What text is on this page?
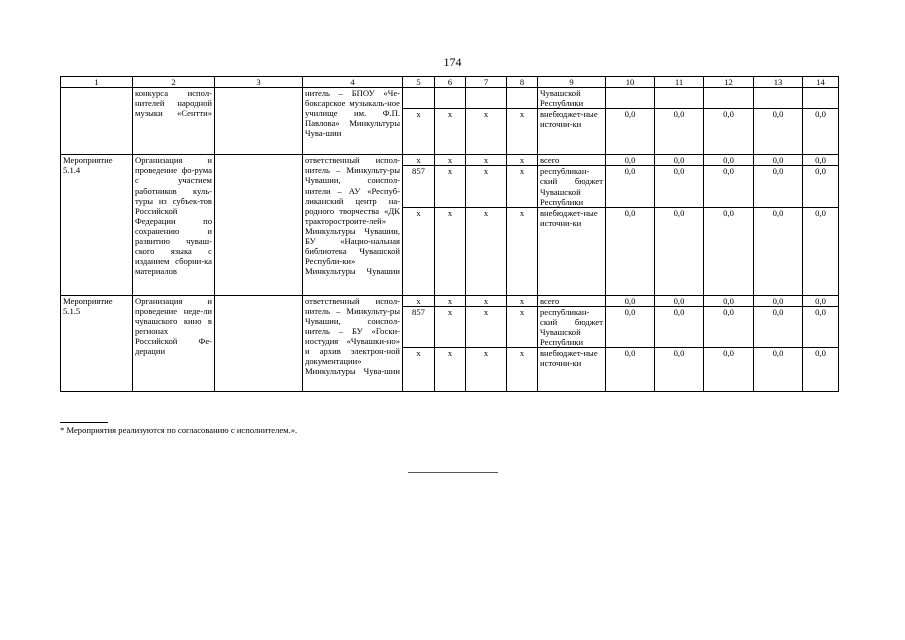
174
1	2	3	4	5	6	7	8	9	10	11	12	13	14
	конкурса испол-нителей народной музыки «Сентти»		нитель – БПОУ «Че-боксарское музыкаль-ное училище им. Ф.П. Павлова» Минкультуры Чува-шии					Чувашской Республики					
				x	x	x	x	внебюджет-ные источни-ки	0,0	0,0	0,0	0,0	0,0
Мероприятие 5.1.4	Организация и проведение фо-рума с участием работников куль-туры из субъек-тов Российской Федерации по сохранению и развитию чуваш-ского языка с изданием сборни-ка материалов		ответственный испол-нитель – Минкульту-ры Чувашии, соиспол-нители – АУ «Респуб-ликанский центр на-родного творчества «ДК тракторостроите-лей» Минкультуры Чувашии, БУ «Нацио-нальная библиотека Чувашской Республи-ки» Минкультуры Чувашии	x	x	x	x	всего	0,0	0,0	0,0	0,0	0,0
				857	x	x	x	республикан-ский бюджет Чувашской Республики	0,0	0,0	0,0	0,0	0,0
				x	x	x	x	внебюджет-ные источни-ки	0,0	0,0	0,0	0,0	0,0
Мероприятие 5.1.5	Организация и проведение неде-ли чувашского кино в регионах Российской Фе-дерации		ответственный испол-нитель – Минкульту-ры Чувашии, соиспол-нитель – БУ «Госки-ностудия «Чувашки-но» и архив электрон-ной документации» Минкультуры Чува-шии	x	x	x	x	всего	0,0	0,0	0,0	0,0	0,0
				857	x	x	x	республикан-ский бюджет Чувашской Республики	0,0	0,0	0,0	0,0	0,0
				x	x	x	x	внебюджет-ные источни-ки	0,0	0,0	0,0	0,0	0,0
* Мероприятия реализуются по согласованию с исполнителем.».
